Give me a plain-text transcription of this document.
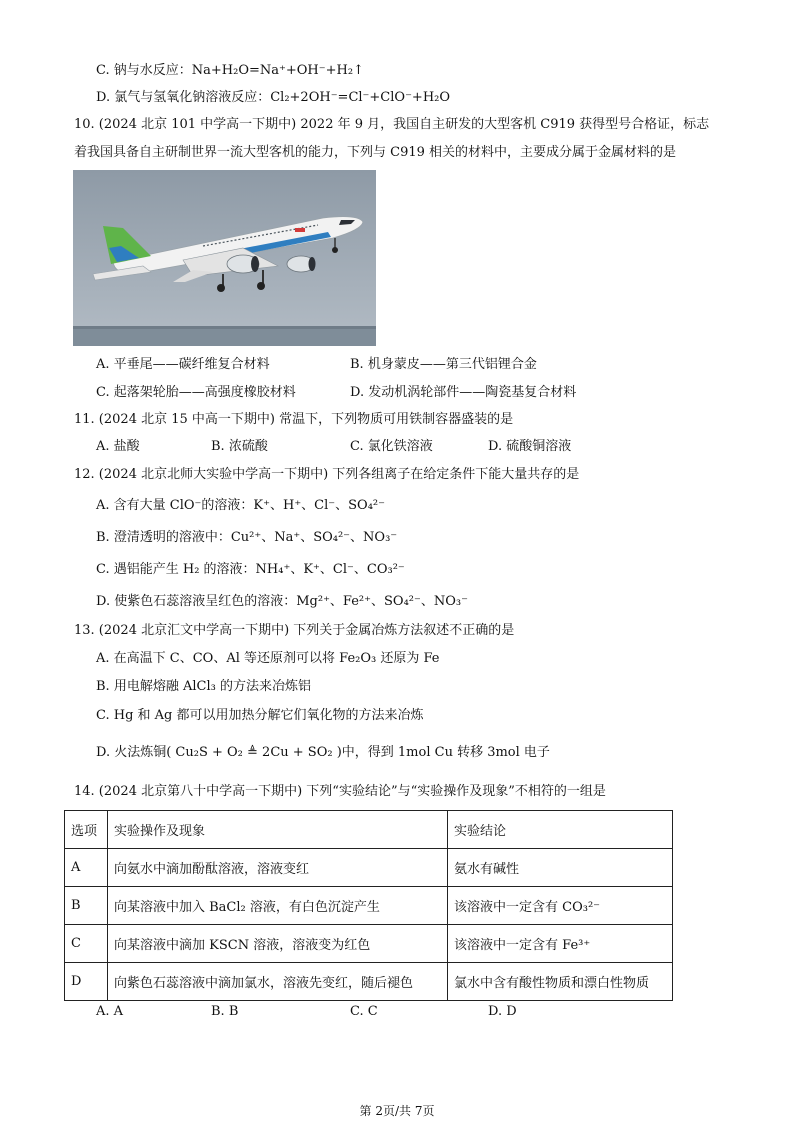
C. 钠与水反应：Na+H₂O=Na⁺+OH⁻+H₂↑
D. 氯气与氢氧化钠溶液反应：Cl₂+2OH⁻=Cl⁻+ClO⁻+H₂O
10. (2024 北京 101 中学高一下期中) 2022 年 9 月，我国自主研发的大型客机 C919 获得型号合格证，标志
着我国具备自主研制世界一流大型客机的能力，下列与 C919 相关的材料中，主要成分属于金属材料的是
A. 平垂尾——碳纤维复合材料	B. 机身蒙皮——第三代铝锂合金
C. 起落架轮胎——高强度橡胶材料	D. 发动机涡轮部件——陶瓷基复合材料
11. (2024 北京 15 中高一下期中) 常温下，下列物质可用铁制容器盛装的是
A. 盐酸	B. 浓硫酸	C. 氯化铁溶液	D. 硫酸铜溶液
12. (2024 北京北师大实验中学高一下期中) 下列各组离子在给定条件下能大量共存的是
A. 含有大量 ClO⁻的溶液：K⁺、H⁺、Cl⁻、SO₄²⁻
B. 澄清透明的溶液中：Cu²⁺、Na⁺、SO₄²⁻、NO₃⁻
C. 遇铝能产生 H₂ 的溶液：NH₄⁺、K⁺、Cl⁻、CO₃²⁻
D. 使紫色石蕊溶液呈红色的溶液：Mg²⁺、Fe²⁺、SO₄²⁻、NO₃⁻
13. (2024 北京汇文中学高一下期中) 下列关于金属冶炼方法叙述不正确的是
A. 在高温下 C、CO、Al 等还原剂可以将 Fe₂O₃ 还原为 Fe
B. 用电解熔融 AlCl₃ 的方法来冶炼铝
C. Hg 和 Ag 都可以用加热分解它们氧化物的方法来冶炼
D. 火法炼铜( Cu₂S + O₂ ≜ 2Cu + SO₂ )中，得到 1mol Cu 转移 3mol 电子
14. (2024 北京第八十中学高一下期中) 下列“实验结论”与“实验操作及现象”不相符的一组是
选项	实验操作及现象	实验结论
A	向氨水中滴加酚酞溶液，溶液变红	氨水有碱性
B	向某溶液中加入 BaCl₂ 溶液，有白色沉淀产生	该溶液中一定含有 CO₃²⁻
C	向某溶液中滴加 KSCN 溶液，溶液变为红色	该溶液中一定含有 Fe³⁺
D	向紫色石蕊溶液中滴加氯水，溶液先变红，随后褪色	氯水中含有酸性物质和漂白性物质
A. A	B. B	C. C	D. D
第 2页/共 7页
